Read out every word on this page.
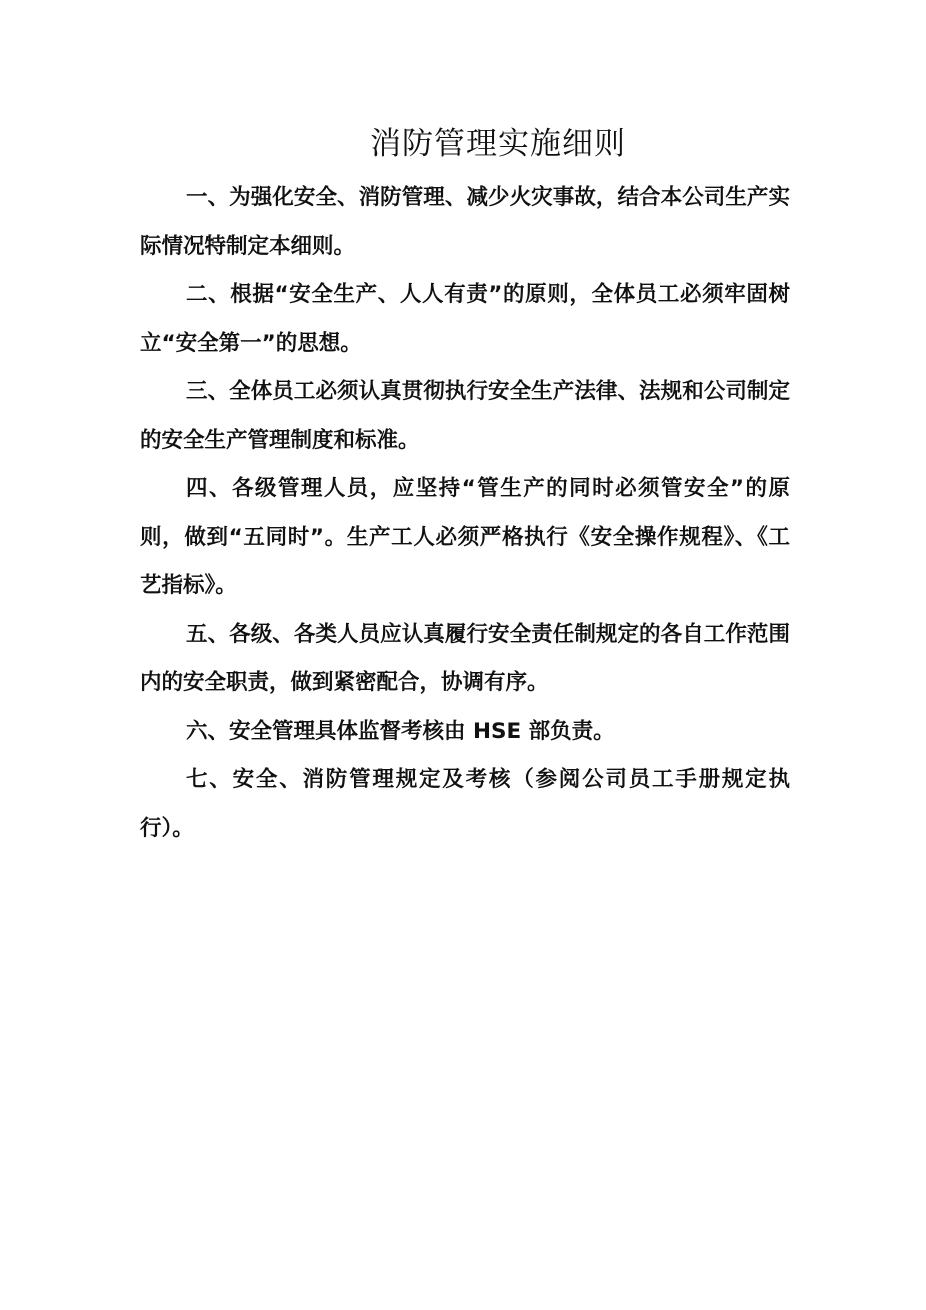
消防管理实施细则

一、为强化安全、消防管理、减少火灾事故，结合本公司生产实际情况特制定本细则。

二、根据“安全生产、人人有责”的原则，全体员工必须牢固树立“安全第一”的思想。

三、全体员工必须认真贯彻执行安全生产法律、法规和公司制定的安全生产管理制度和标准。

四、各级管理人员，应坚持“管生产的同时必须管安全”的原则，做到“五同时”。生产工人必须严格执行《安全操作规程》、《工艺指标》。

五、各级、各类人员应认真履行安全责任制规定的各自工作范围内的安全职责，做到紧密配合，协调有序。

六、安全管理具体监督考核由 HSE 部负责。

七、安全、消防管理规定及考核（参阅公司员工手册规定执行）。
